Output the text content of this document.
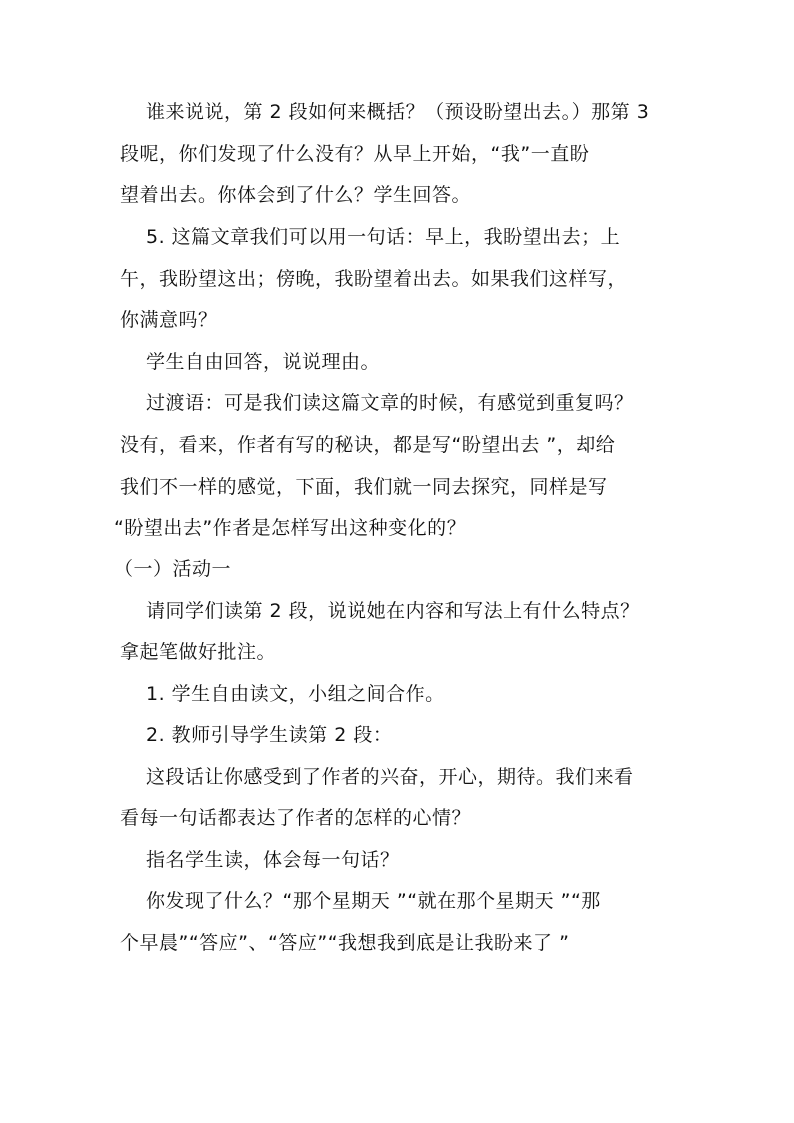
谁来说说，第 2 段如何来概括？（预设盼望出去。）那第 3
段呢，你们发现了什么没有？从早上开始，“我”一直盼
望着出去。你体会到了什么？学生回答。
5. 这篇文章我们可以用一句话：早上，我盼望出去；上
午，我盼望这出；傍晚，我盼望着出去。如果我们这样写，
你满意吗？
学生自由回答，说说理由。
过渡语：可是我们读这篇文章的时候，有感觉到重复吗？
没有，看来，作者有写的秘诀，都是写“盼望出去 ”，却给
我们不一样的感觉，下面，我们就一同去探究，同样是写
“盼望出去”作者是怎样写出这种变化的？
（一）活动一
请同学们读第 2 段，说说她在内容和写法上有什么特点？
拿起笔做好批注。
1. 学生自由读文，小组之间合作。
2. 教师引导学生读第 2 段：
这段话让你感受到了作者的兴奋，开心，期待。我们来看
看每一句话都表达了作者的怎样的心情？
指名学生读，体会每一句话？
你发现了什么？“那个星期天 ”“就在那个星期天 ”“那
个早晨”“答应”、“答应”“我想我到底是让我盼来了 ”
